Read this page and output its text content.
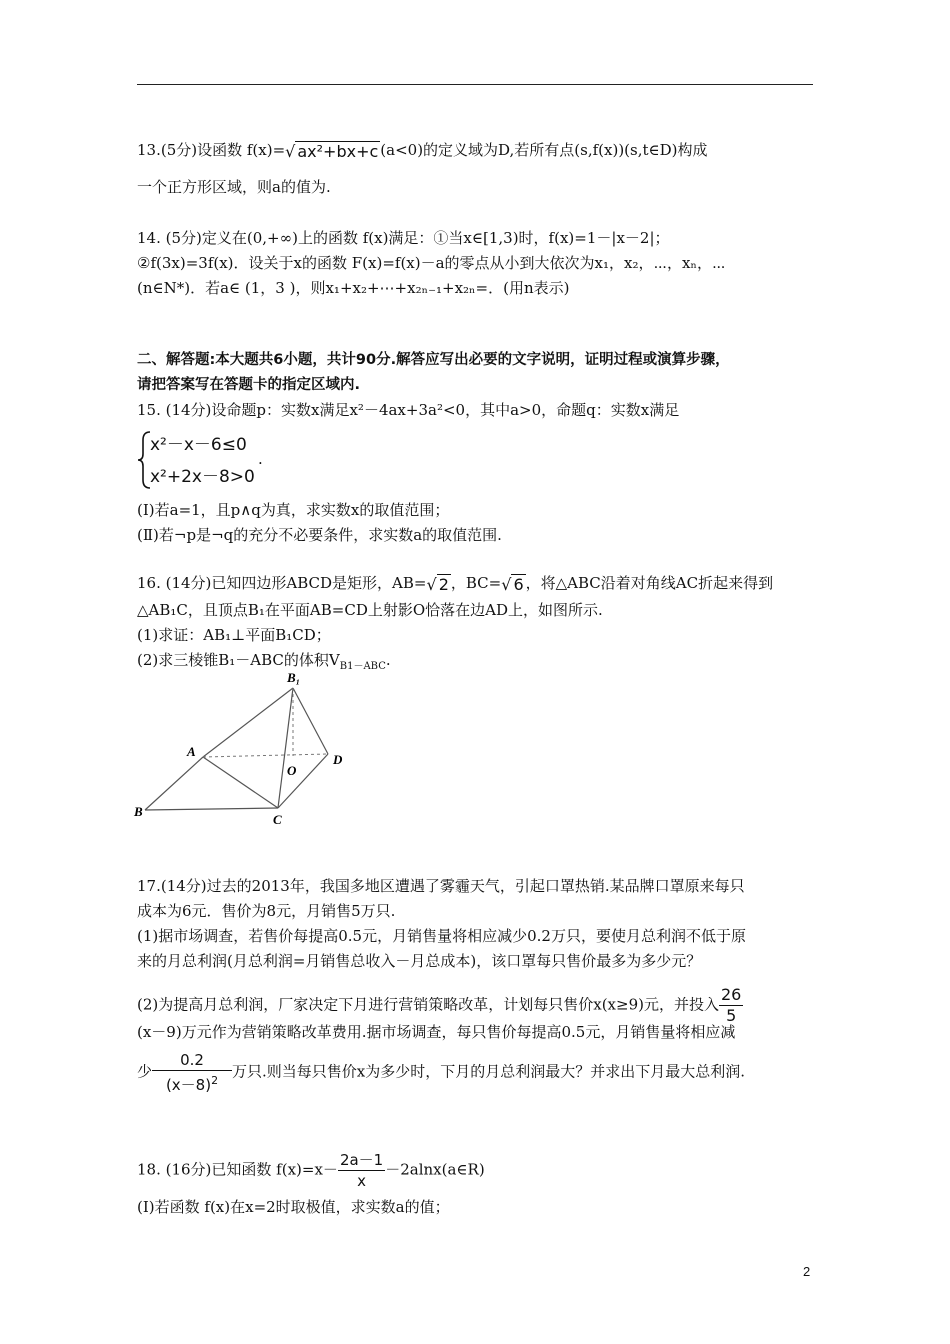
13.(5分)设函数 f(x)=√ ax²+bx+c (a<0)的定义域为D,若所有点(s,f(x))(s,t∈D)构成
一个正方形区域，则a的值为.
14. (5分)定义在(0,+∞)上的函数 f(x)满足：①当x∈[1,3)时，f(x)=1－|x－2|；
②f(3x)=3f(x)．设关于x的函数 F(x)=f(x)－a的零点从小到大依次为x₁，x₂，⋯，xₙ，⋯
(n∈N*)．若a∈ (1，3 )，则x₁+x₂+⋯+x₂ₙ₋₁+x₂ₙ=．(用n表示)
二、解答题:本大题共6小题，共计90分.解答应写出必要的文字说明，证明过程或演算步骤，
请把答案写在答题卡的指定区域内.
15. (14分)设命题p：实数x满足x²－4ax+3a²<0，其中a>0，命题q：实数x满足
x²－x－6≤0
x²+2x－8>0
.
(Ⅰ)若a=1，且p∧q为真，求实数x的取值范围；
(Ⅱ)若¬p是¬q的充分不必要条件，求实数a的取值范围.
16. (14分)已知四边形ABCD是矩形，AB=√ 2 ，BC=√ 6 ，将△ABC沿着对角线AC折起来得到
△AB₁C，且顶点B₁在平面AB=CD上射影O恰落在边AD上，如图所示.
(1)求证：AB₁⊥平面B₁CD；
(2)求三棱锥B₁－ABC的体积$V_{B1-ABC}$.
B₁
A
B
C
D
O
17.(14分)过去的2013年，我国多地区遭遇了雾霾天气，引起口罩热销.某品牌口罩原来每只
成本为6元．售价为8元，月销售5万只.
(1)据市场调查，若售价每提高0.5元，月销售量将相应减少0.2万只，要使月总利润不低于原
来的月总利润(月总利润=月销售总收入－月总成本)，该口罩每只售价最多为多少元？
(2)为提高月总利润，厂家决定下月进行营销策略改革，计划每只售价x(x≥9)元，并投入 $\frac{26}{5}$
(x－9)万元作为营销策略改革费用.据市场调查，每只售价每提高0.5元，月销售量将相应减
少 $\frac{0.2}{(x-8)^2}$ 万只.则当每只售价x为多少时，下月的月总利润最大？并求出下月最大总利润.
18. (16分)已知函数 $f(x)=x- \frac{2a-1}{x}$ －2alnx(a∈R)
(Ⅰ)若函数 f(x)在x=2时取极值，求实数a的值；
2
